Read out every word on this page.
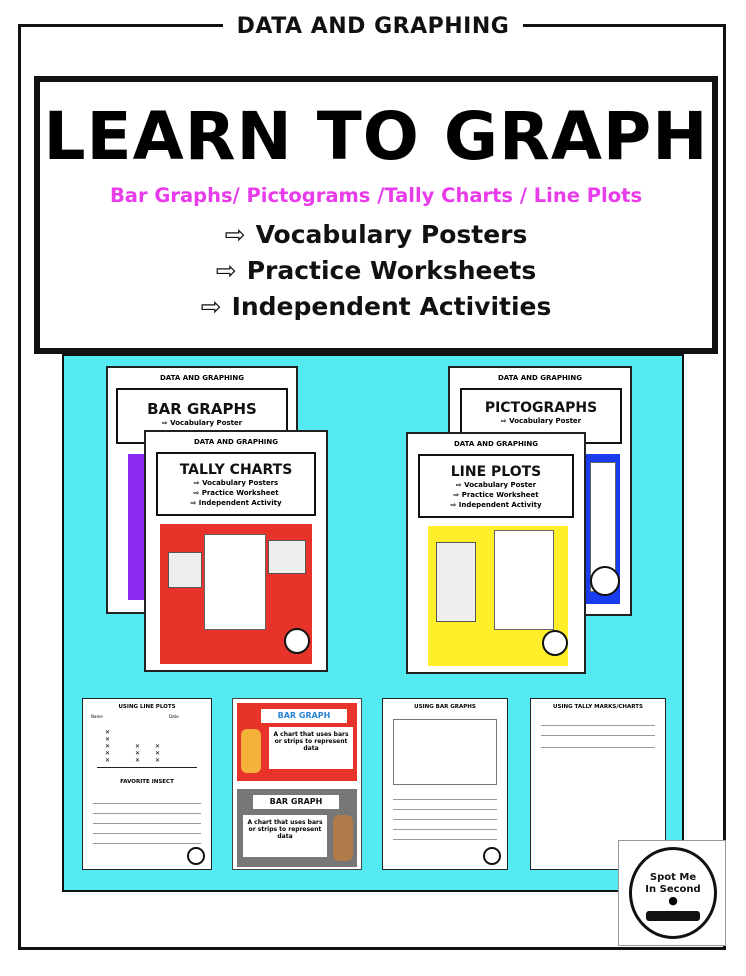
DATA AND GRAPHING
LEARN TO GRAPH
Bar Graphs/ Pictograms /Tally Charts / Line Plots
⇨ Vocabulary Posters
⇨ Practice Worksheets
⇨ Independent Activities
DATA AND GRAPHING
BAR GRAPHS
⇨ Vocabulary Poster
DATA AND GRAPHING
PICTOGRAPHS
⇨ Vocabulary Poster
DATA AND GRAPHING
TALLY CHARTS
⇨ Vocabulary Posters
⇨ Practice Worksheet
⇨ Independent Activity
DATA AND GRAPHING
LINE PLOTS
⇨ Vocabulary Poster
⇨ Practice Worksheet
⇨ Independent Activity
USING LINE PLOTS
Name	Date
✕
✕
✕
✕
✕
✕
✕
✕
✕
✕
✕
FAVORITE INSECT
BAR GRAPH
A chart that uses bars or strips to represent data
BAR GRAPH
A chart that uses bars or strips to represent data
USING BAR GRAPHS	USING TALLY MARKS/CHARTS
Spot Me
In Second
●
